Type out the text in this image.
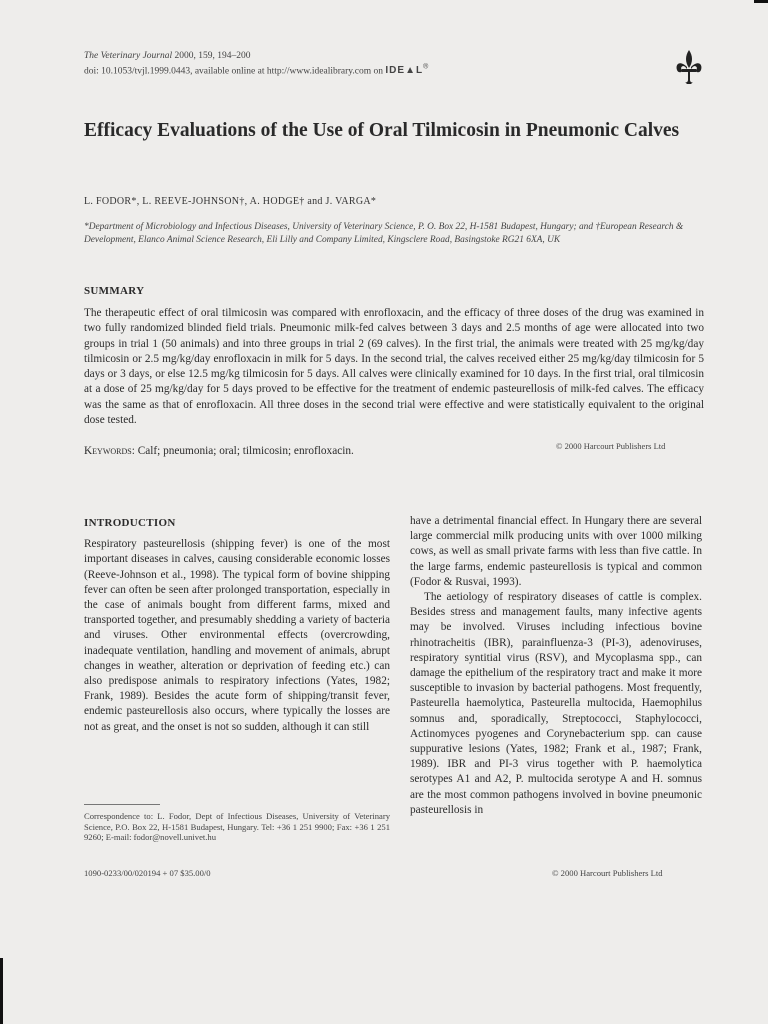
The Veterinary Journal 2000, 159, 194–200
doi: 10.1053/tvjl.1999.0443, available online at http://www.idealibrary.com on IDE▲L®
Efficacy Evaluations of the Use of Oral Tilmicosin in Pneumonic Calves
L. FODOR*, L. REEVE-JOHNSON†, A. HODGE† and J. VARGA*
*Department of Microbiology and Infectious Diseases, University of Veterinary Science, P. O. Box 22, H-1581 Budapest, Hungary; and †European Research & Development, Elanco Animal Science Research, Eli Lilly and Company Limited, Kingsclere Road, Basingstoke RG21 6XA, UK
SUMMARY
The therapeutic effect of oral tilmicosin was compared with enrofloxacin, and the efficacy of three doses of the drug was examined in two fully randomized blinded field trials. Pneumonic milk-fed calves between 3 days and 2.5 months of age were allocated into two groups in trial 1 (50 animals) and into three groups in trial 2 (69 calves). In the first trial, the animals were treated with 25 mg/kg/day tilmicosin or 2.5 mg/kg/day enrofloxacin in milk for 5 days. In the second trial, the calves received either 25 mg/kg/day tilmicosin for 5 days or 3 days, or else 12.5 mg/kg tilmicosin for 5 days. All calves were clinically examined for 10 days. In the first trial, oral tilmicosin at a dose of 25 mg/kg/day for 5 days proved to be effective for the treatment of endemic pasteurellosis of milk-fed calves. The efficacy was the same as that of enrofloxacin. All three doses in the second trial were effective and were statistically equivalent to the original dose tested.
© 2000 Harcourt Publishers Ltd
Keywords: Calf; pneumonia; oral; tilmicosin; enrofloxacin.
INTRODUCTION

Respiratory pasteurellosis (shipping fever) is one of the most important diseases in calves, causing considerable economic losses (Reeve-Johnson et al., 1998). The typical form of bovine shipping fever can often be seen after prolonged transportation, especially in the case of animals bought from different farms, mixed and transported together, and presumably shedding a variety of bacteria and viruses. Other environmental effects (overcrowding, inadequate ventilation, handling and movement of animals, abrupt changes in weather, alteration or deprivation of feeding etc.) can also predispose animals to respiratory infections (Yates, 1982; Frank, 1989). Besides the acute form of shipping/transit fever, endemic pasteurellosis also occurs, where typically the losses are not as great, and the onset is not so sudden, although it can still

have a detrimental financial effect. In Hungary there are several large commercial milk producing units with over 1000 milking cows, as well as small private farms with less than five cattle. In the large farms, endemic pasteurellosis is typical and common (Fodor & Rusvai, 1993).

The aetiology of respiratory diseases of cattle is complex. Besides stress and management faults, many infective agents may be involved. Viruses including infectious bovine rhinotracheitis (IBR), parainfluenza-3 (PI-3), adenoviruses, respiratory syntitial virus (RSV), and Mycoplasma spp., can damage the epithelium of the respiratory tract and make it more susceptible to invasion by bacterial pathogens. Most frequently, Pasteurella haemolytica, Pasteurella multocida, Haemophilus somnus and, sporadically, Streptococci, Staphylococci, Actinomyces pyogenes and Corynebacterium spp. can cause suppurative lesions (Yates, 1982; Frank et al., 1987; Frank, 1989). IBR and PI-3 virus together with P. haemolytica serotypes A1 and A2, P. multocida serotype A and H. somnus are the most common pathogens involved in bovine pneumonic pasteurellosis in

Correspondence to: L. Fodor, Dept of Infectious Diseases, University of Veterinary Science, P.O. Box 22, H-1581 Budapest, Hungary. Tel: +36 1 251 9900; Fax: +36 1 251 9260; E-mail: fodor@novell.univet.hu
1090-0233/00/020194 + 07 $35.00/0	© 2000 Harcourt Publishers Ltd
